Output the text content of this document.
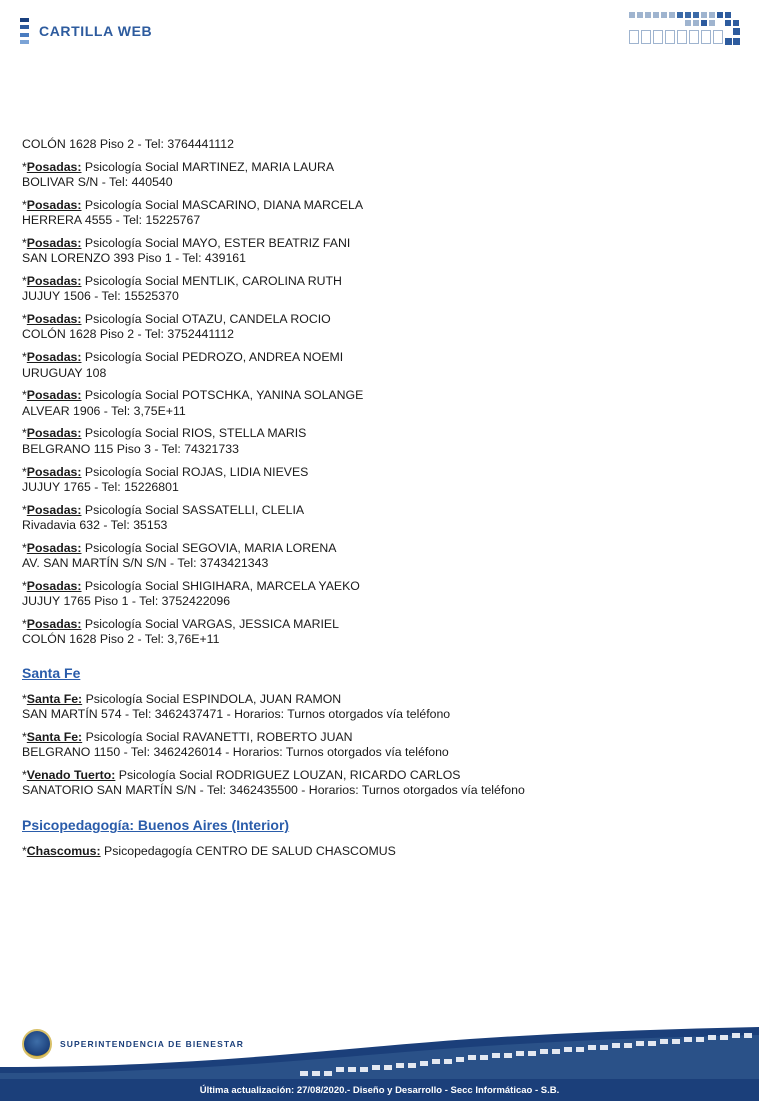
CARTILLA WEB

COLÓN 1628 Piso 2 - Tel: 3764441112

*Posadas: Psicología Social MARTINEZ, MARIA LAURA

BOLIVAR S/N - Tel: 440540

*Posadas: Psicología Social MASCARINO, DIANA MARCELA

HERRERA 4555 - Tel: 15225767

*Posadas: Psicología Social MAYO, ESTER BEATRIZ FANI

SAN LORENZO 393 Piso 1 - Tel: 439161

*Posadas: Psicología Social MENTLIK, CAROLINA RUTH

JUJUY 1506 - Tel: 15525370

*Posadas: Psicología Social OTAZU, CANDELA ROCIO

COLÓN 1628 Piso 2 - Tel: 3752441112

*Posadas: Psicología Social PEDROZO, ANDREA NOEMI

URUGUAY 108

*Posadas: Psicología Social POTSCHKA, YANINA SOLANGE

ALVEAR 1906 - Tel: 3,75E+11

*Posadas: Psicología Social RIOS, STELLA MARIS

BELGRANO 115 Piso 3 - Tel: 74321733

*Posadas: Psicología Social ROJAS, LIDIA NIEVES

JUJUY 1765 - Tel: 15226801

*Posadas: Psicología Social SASSATELLI, CLELIA

Rivadavia 632 - Tel: 35153

*Posadas: Psicología Social SEGOVIA, MARIA LORENA

AV. SAN MARTÍN S/N S/N - Tel: 3743421343

*Posadas: Psicología Social SHIGIHARA, MARCELA YAEKO

JUJUY 1765 Piso 1 - Tel: 3752422096

*Posadas: Psicología Social VARGAS, JESSICA MARIEL

COLÓN 1628 Piso 2 - Tel: 3,76E+11

Santa Fe

*Santa Fe: Psicología Social ESPINDOLA, JUAN RAMON

SAN MARTÍN 574 - Tel: 3462437471 - Horarios: Turnos otorgados vía teléfono

*Santa Fe: Psicología Social RAVANETTI, ROBERTO JUAN

BELGRANO 1150 - Tel: 3462426014 - Horarios: Turnos otorgados vía teléfono

*Venado Tuerto: Psicología Social RODRIGUEZ LOUZAN, RICARDO CARLOS

SANATORIO SAN MARTÍN S/N - Tel: 3462435500 - Horarios: Turnos otorgados vía teléfono

Psicopedagogía: Buenos Aires (Interior)

*Chascomus: Psicopedagogía CENTRO DE SALUD CHASCOMUS

SUPERINTENDENCIA DE BIENESTAR
Última actualización: 27/08/2020.- Diseño y Desarrollo - Secc Informáticao - S.B.
